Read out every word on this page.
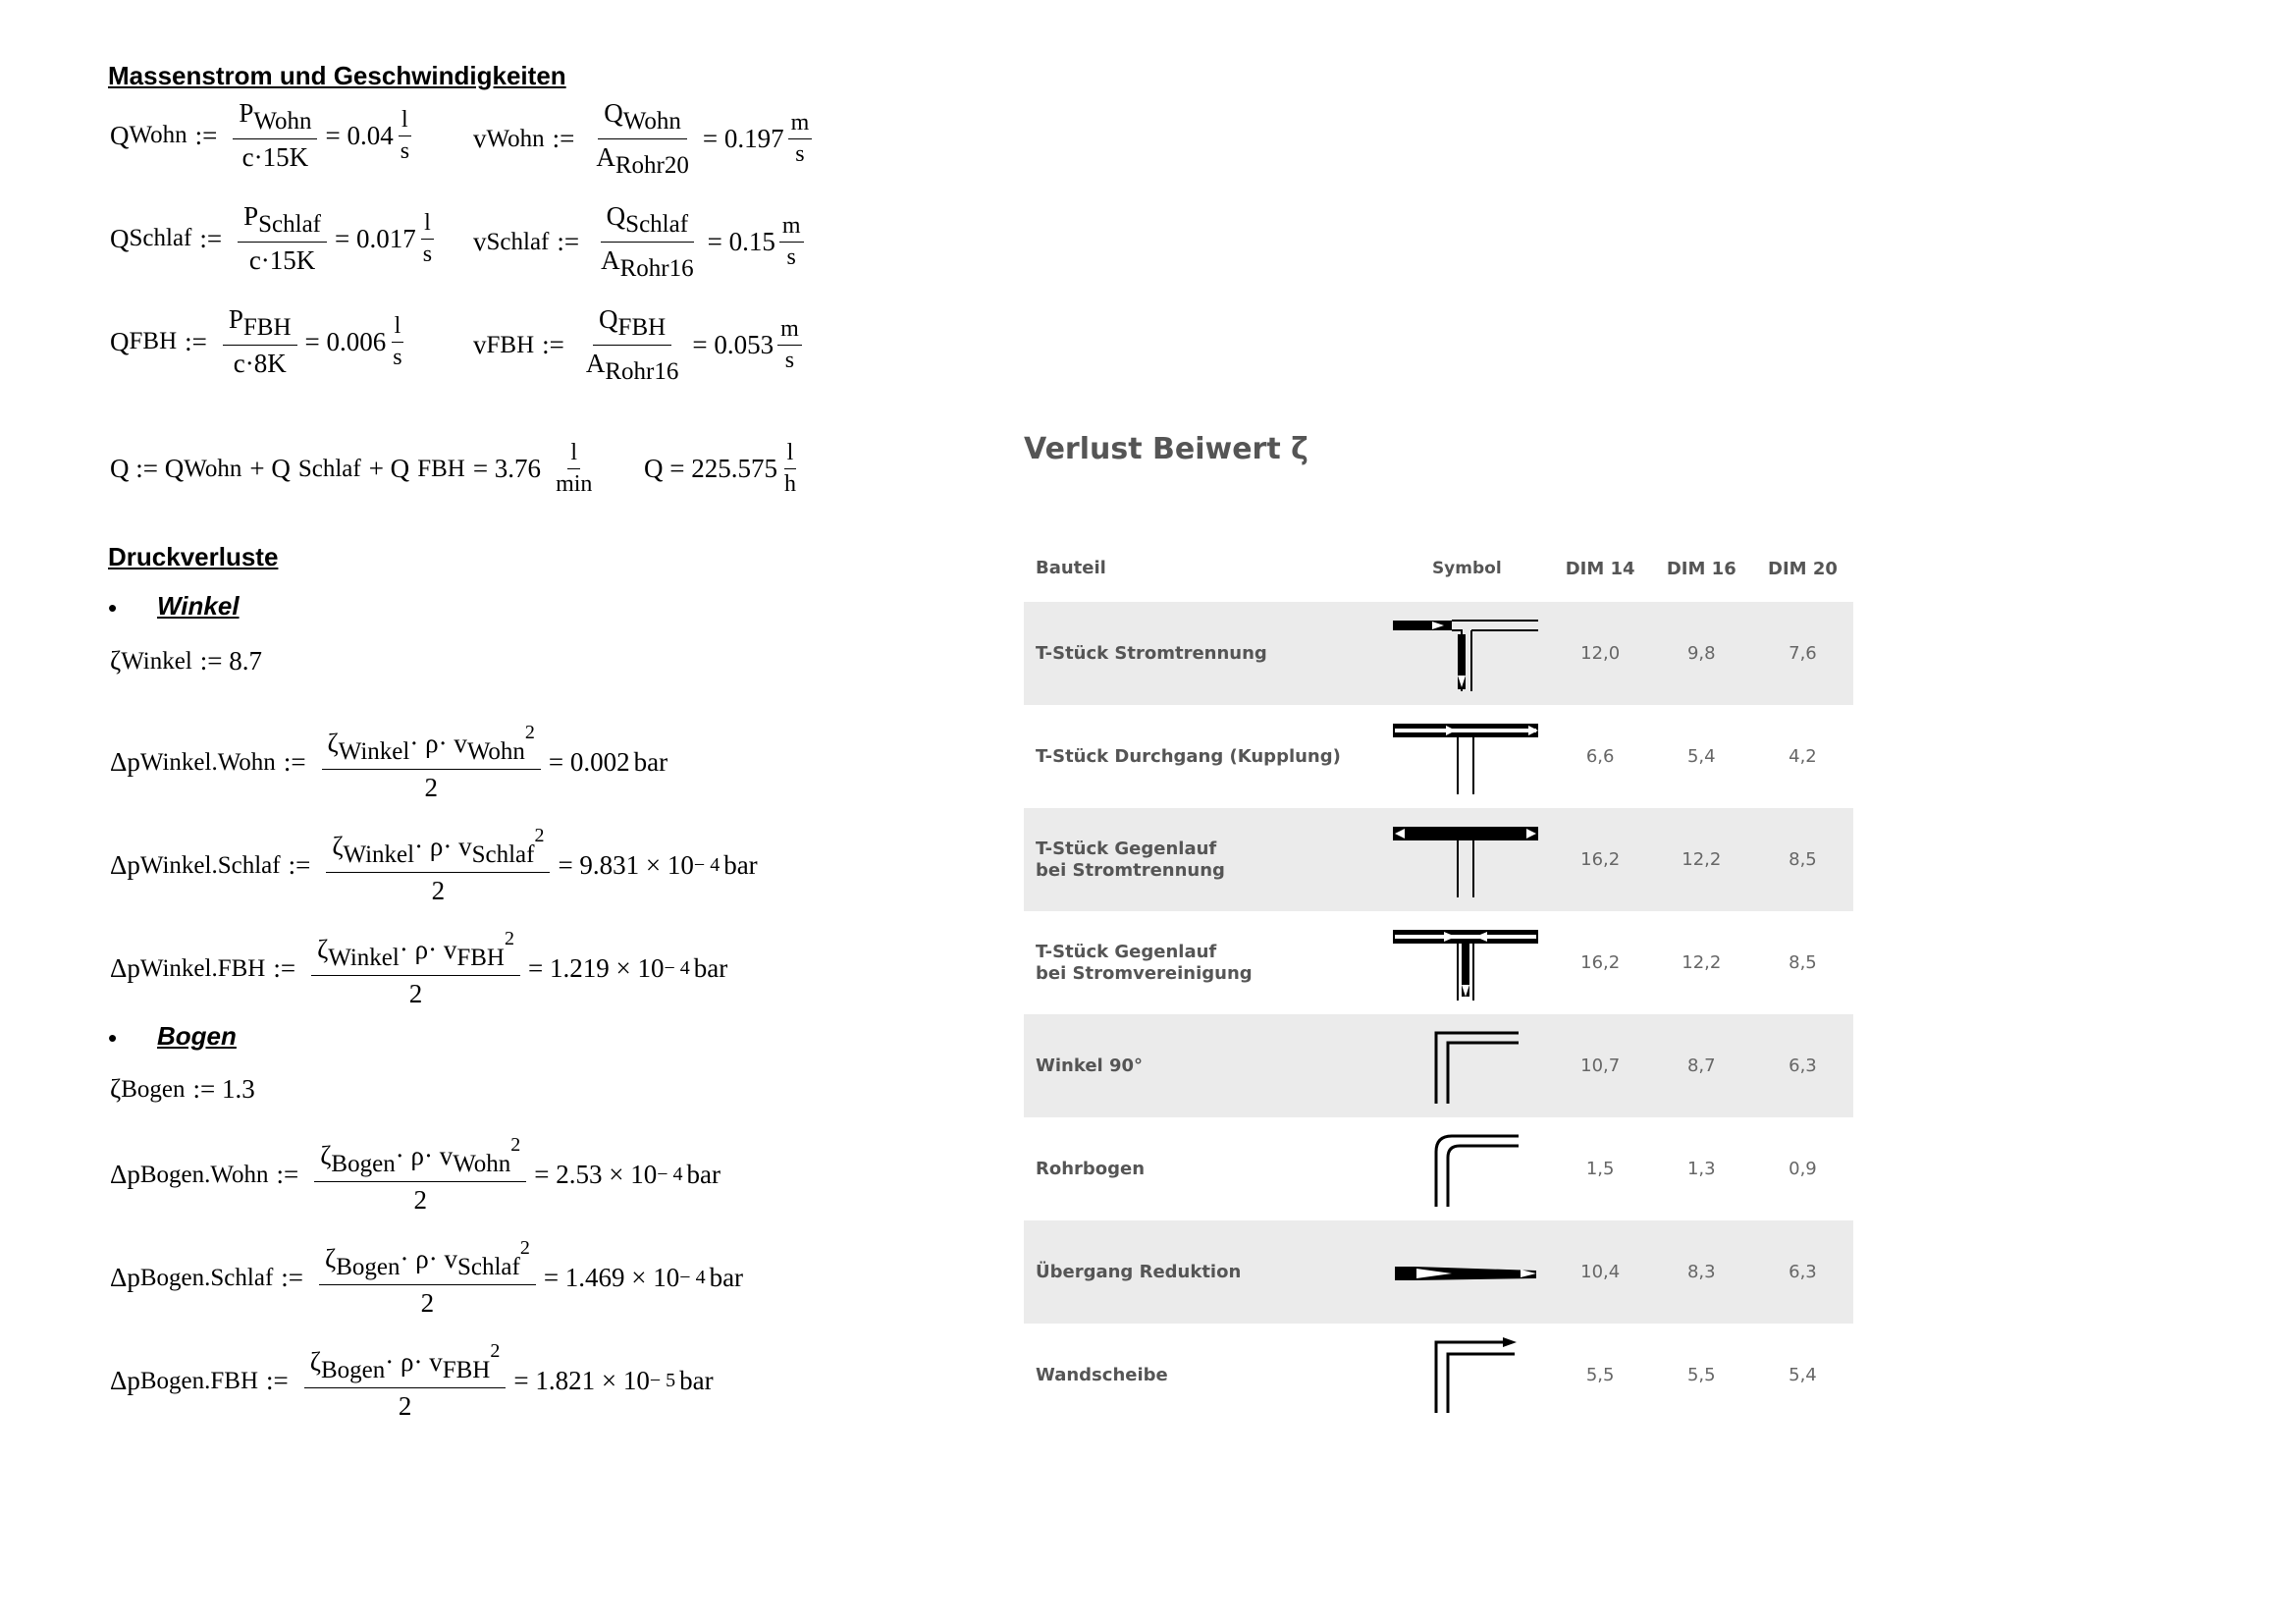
Massenstrom und Geschwindigkeiten
Q Wohn := $\frac{P_{Wohn}}{c\cdot 15K} = 0.04 \frac{l}{s}$ v Wohn := $\frac{Q_{Wohn}}{A_{Rohr20}} = 0.197 \frac{m}{s}$
Q Schlaf := $\frac{P_{Schlaf}}{c\cdot 15K} = 0.017 \frac{l}{s}$ v Schlaf := $\frac{Q_{Schlaf}}{A_{Rohr16}} = 0.15 \frac{m}{s}$
Q FBH := $\frac{P_{FBH}}{c\cdot 8K} = 0.006 \frac{l}{s}$	v FBH := $\frac{Q_{FBH}}{A_{Rohr16}} = 0.053 \frac{m}{s}$
Q := Q Wohn + Q Schlaf + Q FBH = $3.76 \frac{l}{\min}$ $Q = 225.575 \frac{l}{h}$
Druckverluste
• Winkel
ζ Winkel := 8.7
Δp Winkel.Wohn := $\frac{\zeta_{Winkel}\cdot \rho\cdot v_{Wohn}^2}{2} = 0.002$ bar
Δp Winkel.Schlaf := $\frac{\zeta_{Winkel}\cdot \rho\cdot v_{Schlaf}^2}{2} = 9.831 \times 10 - 4$ bar
Δp Winkel.FBH := $\frac{\zeta_{Winkel}\cdot \rho\cdot v_{FBH}^2}{2} = 1.219 \times 10 - 4$ bar
• Bogen
ζ Bogen := 1.3
Δp Bogen.Wohn := $\frac{\zeta_{Bogen}\cdot \rho\cdot v_{Wohn}^2}{2} = 2.53 \times 10 - 4$ bar
Δp Bogen.Schlaf := $\frac{\zeta_{Bogen}\cdot \rho\cdot v_{Schlaf}^2}{2} = 1.469 \times 10 - 4$ bar
Δp Bogen.FBH := $\frac{\zeta_{Bogen}\cdot \rho\cdot v_{FBH}^2}{2} = 1.821 \times 10 - 5$ bar
Verlust Beiwert ζ
Bauteil	Symbol	DIM 14	DIM 16	DIM 20
T-Stück Stromtrennung	12,0	9,8	7,6
T-Stück Durchgang (Kupplung)	6,6	5,4	4,2
T-Stück Gegenlauf
bei Stromtrennung	16,2	12,2	8,5
T-Stück Gegenlauf
bei Stromvereinigung	16,2	12,2	8,5
Winkel 90°	10,7	8,7	6,3
Rohrbogen	1,5	1,3	0,9
Übergang Reduktion	10,4	8,3	6,3
Wandscheibe	5,5	5,5	5,4
